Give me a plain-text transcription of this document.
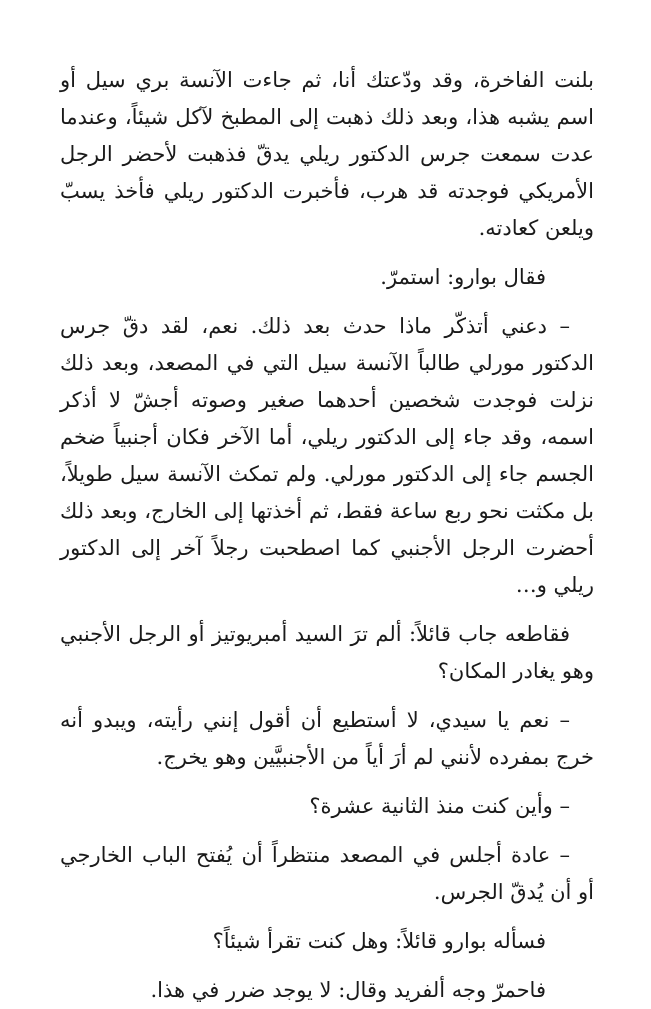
بلنت الفاخرة، وقد ودّعتك أنا، ثم جاءت الآنسة بري سيل أو
اسم يشبه هذا، وبعد ذلك ذهبت إلى المطبخ لآكل شيئاً، وعندما
عدت سمعت جرس الدكتور ريلي يدقّ فذهبت لأحضر الرجل
الأمريكي فوجدته قد هرب، فأخبرت الدكتور ريلي فأخذ يسبّ
ويلعن كعادته.
فقال بوارو: استمرّ.
– دعني أتذكّر ماذا حدث بعد ذلك. نعم، لقد دقّ جرس
الدكتور مورلي طالباً الآنسة سيل التي في المصعد، وبعد ذلك
نزلت فوجدت شخصين أحدهما صغير وصوته أجشّ لا أذكر
اسمه، وقد جاء إلى الدكتور ريلي، أما الآخر فكان أجنبياً ضخم
الجسم جاء إلى الدكتور مورلي. ولم تمكث الآنسة سيل طويلاً،
بل مكثت نحو ربع ساعة فقط، ثم أخذتها إلى الخارج، وبعد ذلك
أحضرت الرجل الأجنبي كما اصطحبت رجلاً آخر إلى الدكتور
ريلي و…
فقاطعه جاب قائلاً: ألم ترَ السيد أمبريوتيز أو الرجل الأجنبي
وهو يغادر المكان؟
– نعم يا سيدي، لا أستطيع أن أقول إنني رأيته، ويبدو أنه
خرج بمفرده لأنني لم أرَ أياً من الأجنبيَّين وهو يخرج.
– وأين كنت منذ الثانية عشرة؟
– عادة أجلس في المصعد منتظراً أن يُفتح الباب الخارجي
أو أن يُدقّ الجرس.
فسأله بوارو قائلاً: وهل كنت تقرأ شيئاً؟
فاحمرّ وجه ألفريد وقال: لا يوجد ضرر في هذا.
